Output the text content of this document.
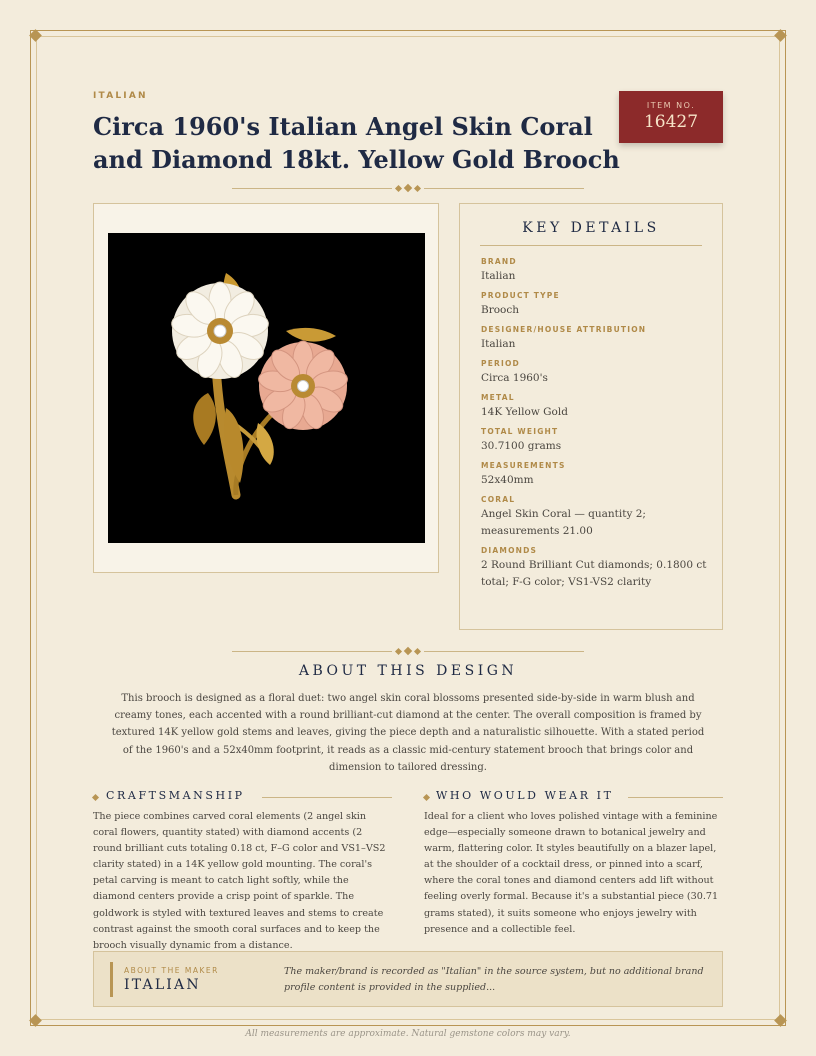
ITALIAN
Circa 1960's Italian Angel Skin Coral and Diamond 18kt. Yellow Gold Brooch
ITEM NO.
16427
KEY DETAILS
BRAND
Italian
PRODUCT TYPE
Brooch
DESIGNER/HOUSE ATTRIBUTION
Italian
PERIOD
Circa 1960's
METAL
14K Yellow Gold
TOTAL WEIGHT
30.7100 grams
MEASUREMENTS
52x40mm
CORAL
Angel Skin Coral — quantity 2; measurements 21.00
DIAMONDS
2 Round Brilliant Cut diamonds; 0.1800 ct total; F-G color; VS1-VS2 clarity
ABOUT THIS DESIGN

This brooch is designed as a floral duet: two angel skin coral blossoms presented side-by-side in warm blush and creamy tones, each accented with a round brilliant-cut diamond at the center. The overall composition is framed by textured 14K yellow gold stems and leaves, giving the piece depth and a naturalistic silhouette. With a stated period of the 1960's and a 52x40mm footprint, it reads as a classic mid-century statement brooch that brings color and dimension to tailored dressing.

CRAFTSMANSHIP

The piece combines carved coral elements (2 angel skin coral flowers, quantity stated) with diamond accents (2 round brilliant cuts totaling 0.18 ct, F–G color and VS1–VS2 clarity stated) in a 14K yellow gold mounting. The coral's petal carving is meant to catch light softly, while the diamond centers provide a crisp point of sparkle. The goldwork is styled with textured leaves and stems to create contrast against the smooth coral surfaces and to keep the brooch visually dynamic from a distance.

WHO WOULD WEAR IT

Ideal for a client who loves polished vintage with a feminine edge—especially someone drawn to botanical jewelry and warm, flattering color. It styles beautifully on a blazer lapel, at the shoulder of a cocktail dress, or pinned into a scarf, where the coral tones and diamond centers add lift without feeling overly formal. Because it's a substantial piece (30.71 grams stated), it suits someone who enjoys jewelry with presence and a collectible feel.

ABOUT THE MAKER
ITALIAN
The maker/brand is recorded as "Italian" in the source system, but no additional brand profile content is provided in the supplied...
All measurements are approximate. Natural gemstone colors may vary.
